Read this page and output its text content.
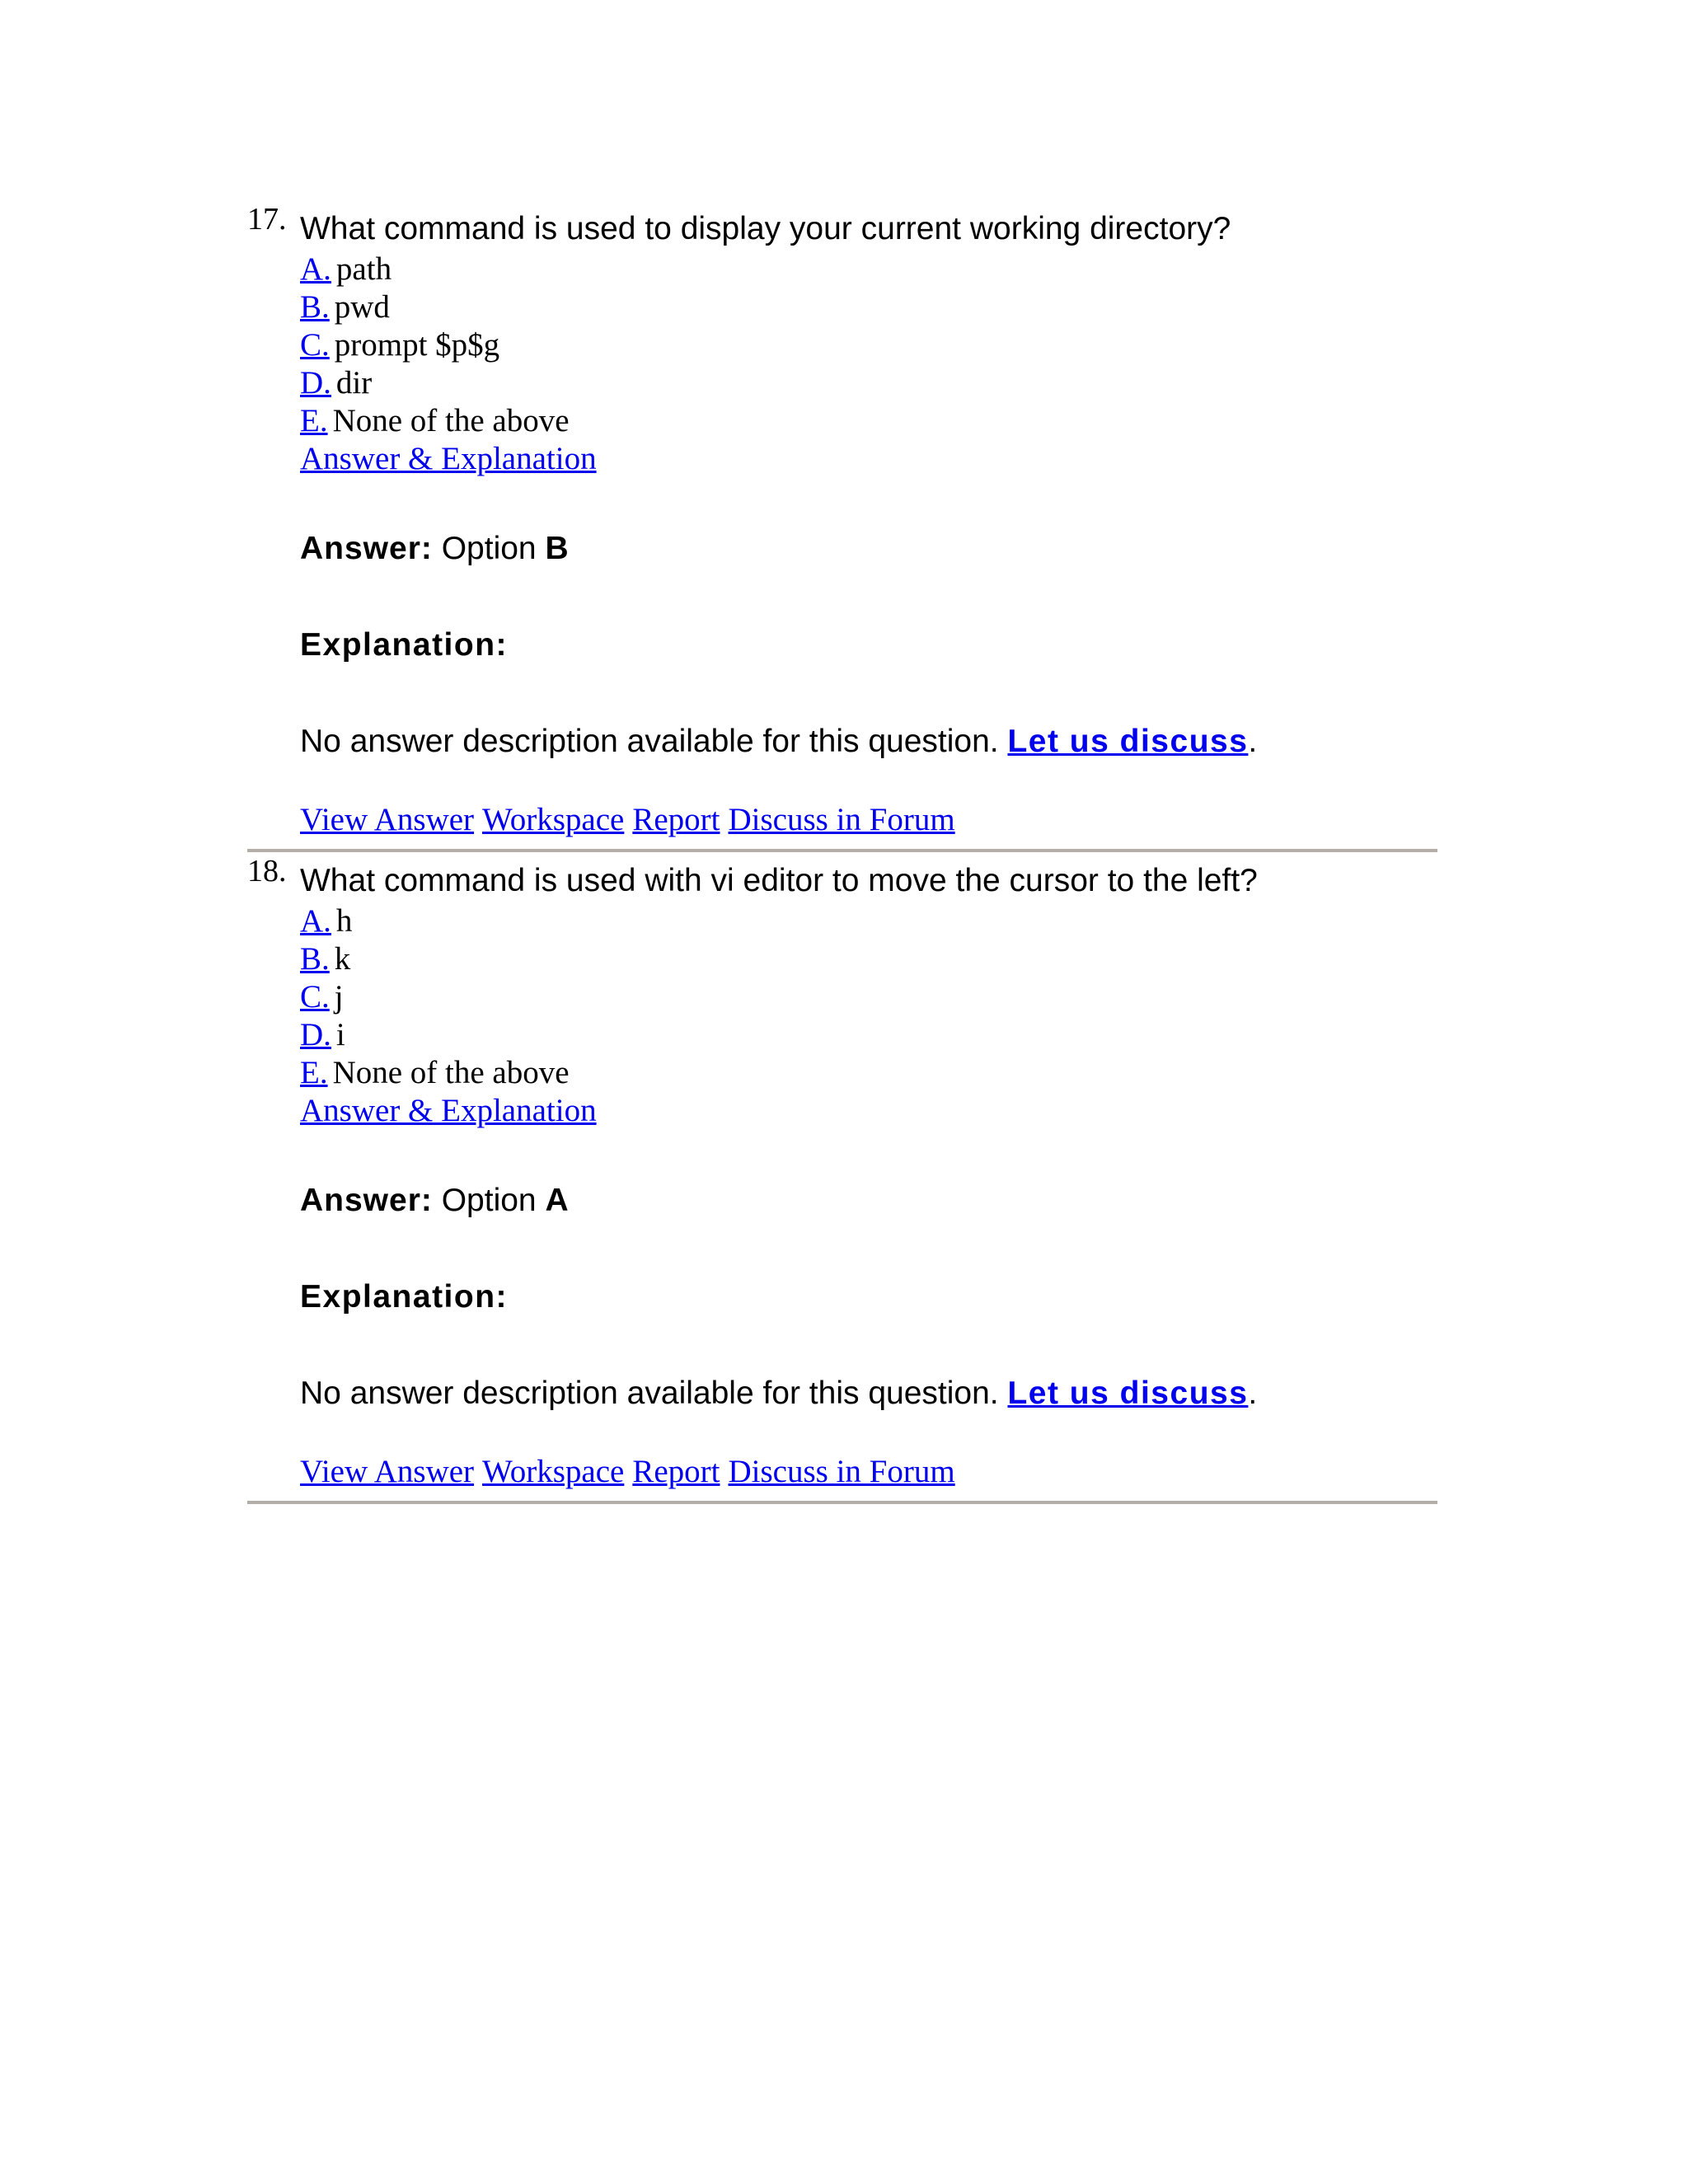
17. What command is used to display your current working directory?
A. path
B. pwd
C. prompt $p$g
D. dir
E. None of the above
Answer & Explanation
Answer: Option B
Explanation:
No answer description available for this question. Let us discuss.
View Answer Workspace Report Discuss in Forum
18. What command is used with vi editor to move the cursor to the left?
A. h
B. k
C. j
D. i
E. None of the above
Answer & Explanation
Answer: Option A
Explanation:
No answer description available for this question. Let us discuss.
View Answer Workspace Report Discuss in Forum
